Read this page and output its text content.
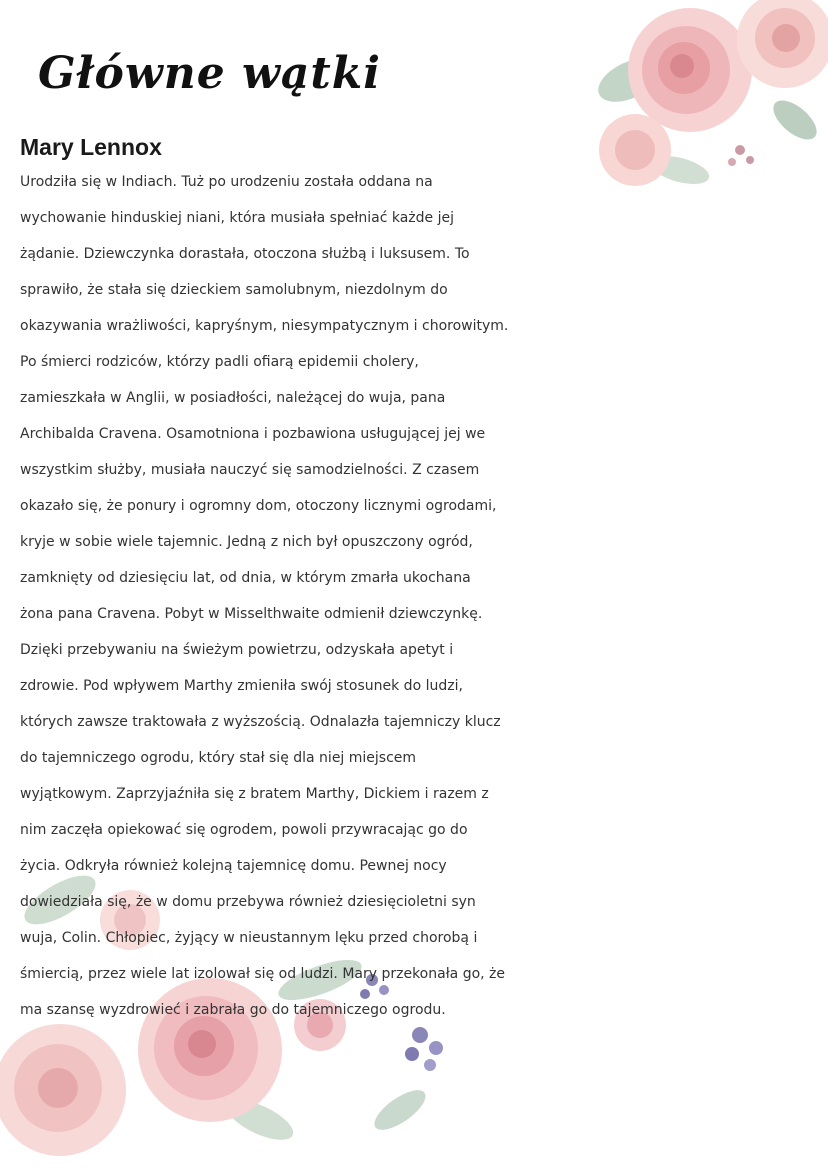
Główne wątki
Mary Lennox

Urodziła się w Indiach. Tuż po urodzeniu została oddana na
wychowanie hinduskiej niani, która musiała spełniać każde jej
żądanie. Dziewczynka dorastała, otoczona służbą i luksusem. To
sprawiło, że stała się dzieckiem samolubnym, niezdolnym do
okazywania wrażliwości, kapryśnym, niesympatycznym i chorowitym.
Po śmierci rodziców, którzy padli ofiarą epidemii cholery,
zamieszkała w Anglii, w posiadłości, należącej do wuja, pana
Archibalda Cravena. Osamotniona i pozbawiona usługującej jej we
wszystkim służby, musiała nauczyć się samodzielności. Z czasem
okazało się, że ponury i ogromny dom, otoczony licznymi ogrodami,
kryje w sobie wiele tajemnic. Jedną z nich był opuszczony ogród,
zamknięty od dziesięciu lat, od dnia, w którym zmarła ukochana
żona pana Cravena. Pobyt w Misselthwaite odmienił dziewczynkę.
Dzięki przebywaniu na świeżym powietrzu, odzyskała apetyt i
zdrowie. Pod wpływem Marthy zmieniła swój stosunek do ludzi,
których zawsze traktowała z wyższością. Odnalazła tajemniczy klucz
do tajemniczego ogrodu, który stał się dla niej miejscem
wyjątkowym. Zaprzyjaźniła się z bratem Marthy, Dickiem i razem z
nim zaczęła opiekować się ogrodem, powoli przywracając go do
życia. Odkryła również kolejną tajemnicę domu. Pewnej nocy
dowiedziała się, że w domu przebywa również dziesięcioletni syn
wuja, Colin. Chłopiec, żyjący w nieustannym lęku przed chorobą i
śmiercią, przez wiele lat izolował się od ludzi. Mary przekonała go, że
ma szansę wyzdrowieć i zabrała go do tajemniczego ogrodu.
